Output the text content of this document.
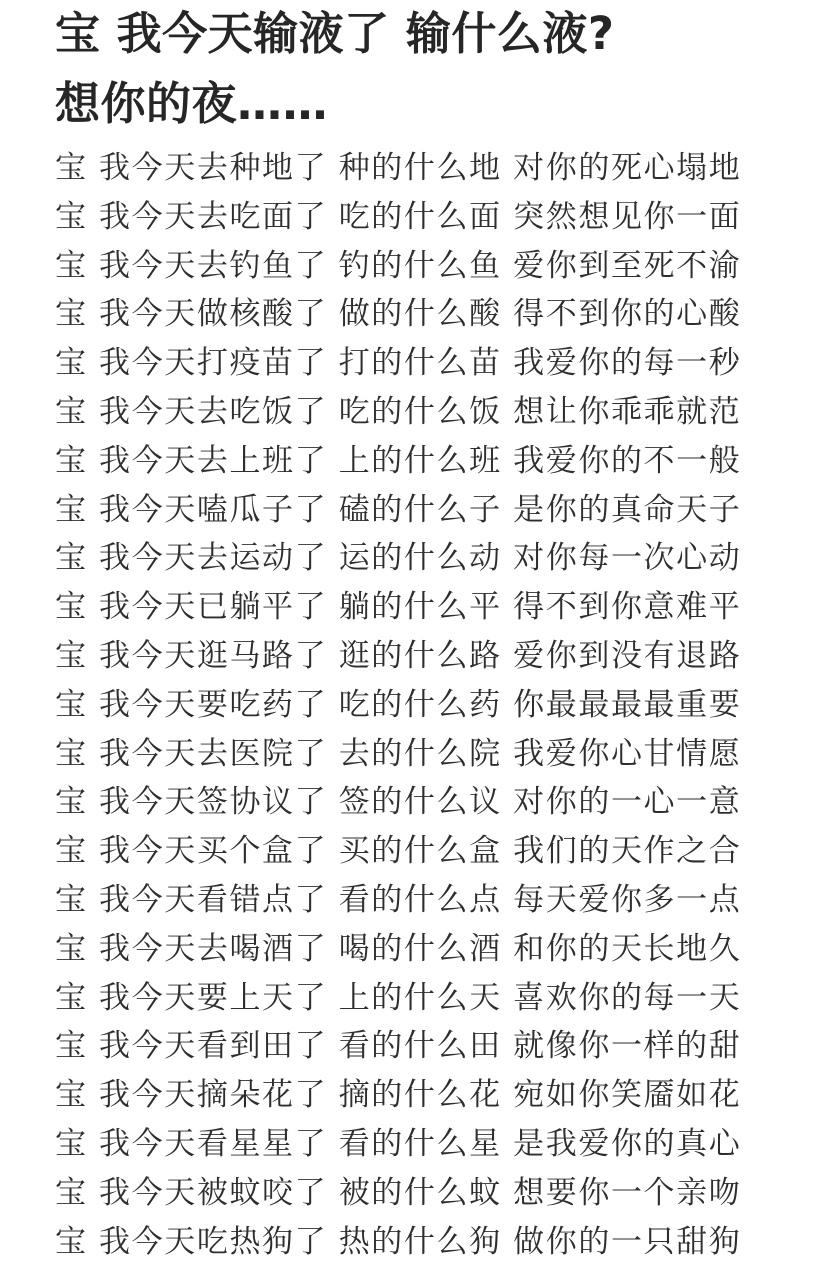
宝 我今天输液了 输什么液?
想你的夜……
宝 我今天去种地了 种的什么地 对你的死心塌地
宝 我今天去吃面了 吃的什么面 突然想见你一面
宝 我今天去钓鱼了 钓的什么鱼 爱你到至死不渝
宝 我今天做核酸了 做的什么酸 得不到你的心酸
宝 我今天打疫苗了 打的什么苗 我爱你的每一秒
宝 我今天去吃饭了 吃的什么饭 想让你乖乖就范
宝 我今天去上班了 上的什么班 我爱你的不一般
宝 我今天嗑瓜子了 磕的什么子 是你的真命天子
宝 我今天去运动了 运的什么动 对你每一次心动
宝 我今天已躺平了 躺的什么平 得不到你意难平
宝 我今天逛马路了 逛的什么路 爱你到没有退路
宝 我今天要吃药了 吃的什么药 你最最最最重要
宝 我今天去医院了 去的什么院 我爱你心甘情愿
宝 我今天签协议了 签的什么议 对你的一心一意
宝 我今天买个盒了 买的什么盒 我们的天作之合
宝 我今天看错点了 看的什么点 每天爱你多一点
宝 我今天去喝酒了 喝的什么酒 和你的天长地久
宝 我今天要上天了 上的什么天 喜欢你的每一天
宝 我今天看到田了 看的什么田 就像你一样的甜
宝 我今天摘朵花了 摘的什么花 宛如你笑靥如花
宝 我今天看星星了 看的什么星 是我爱你的真心
宝 我今天被蚊咬了 被的什么蚊 想要你一个亲吻
宝 我今天吃热狗了 热的什么狗 做你的一只甜狗
